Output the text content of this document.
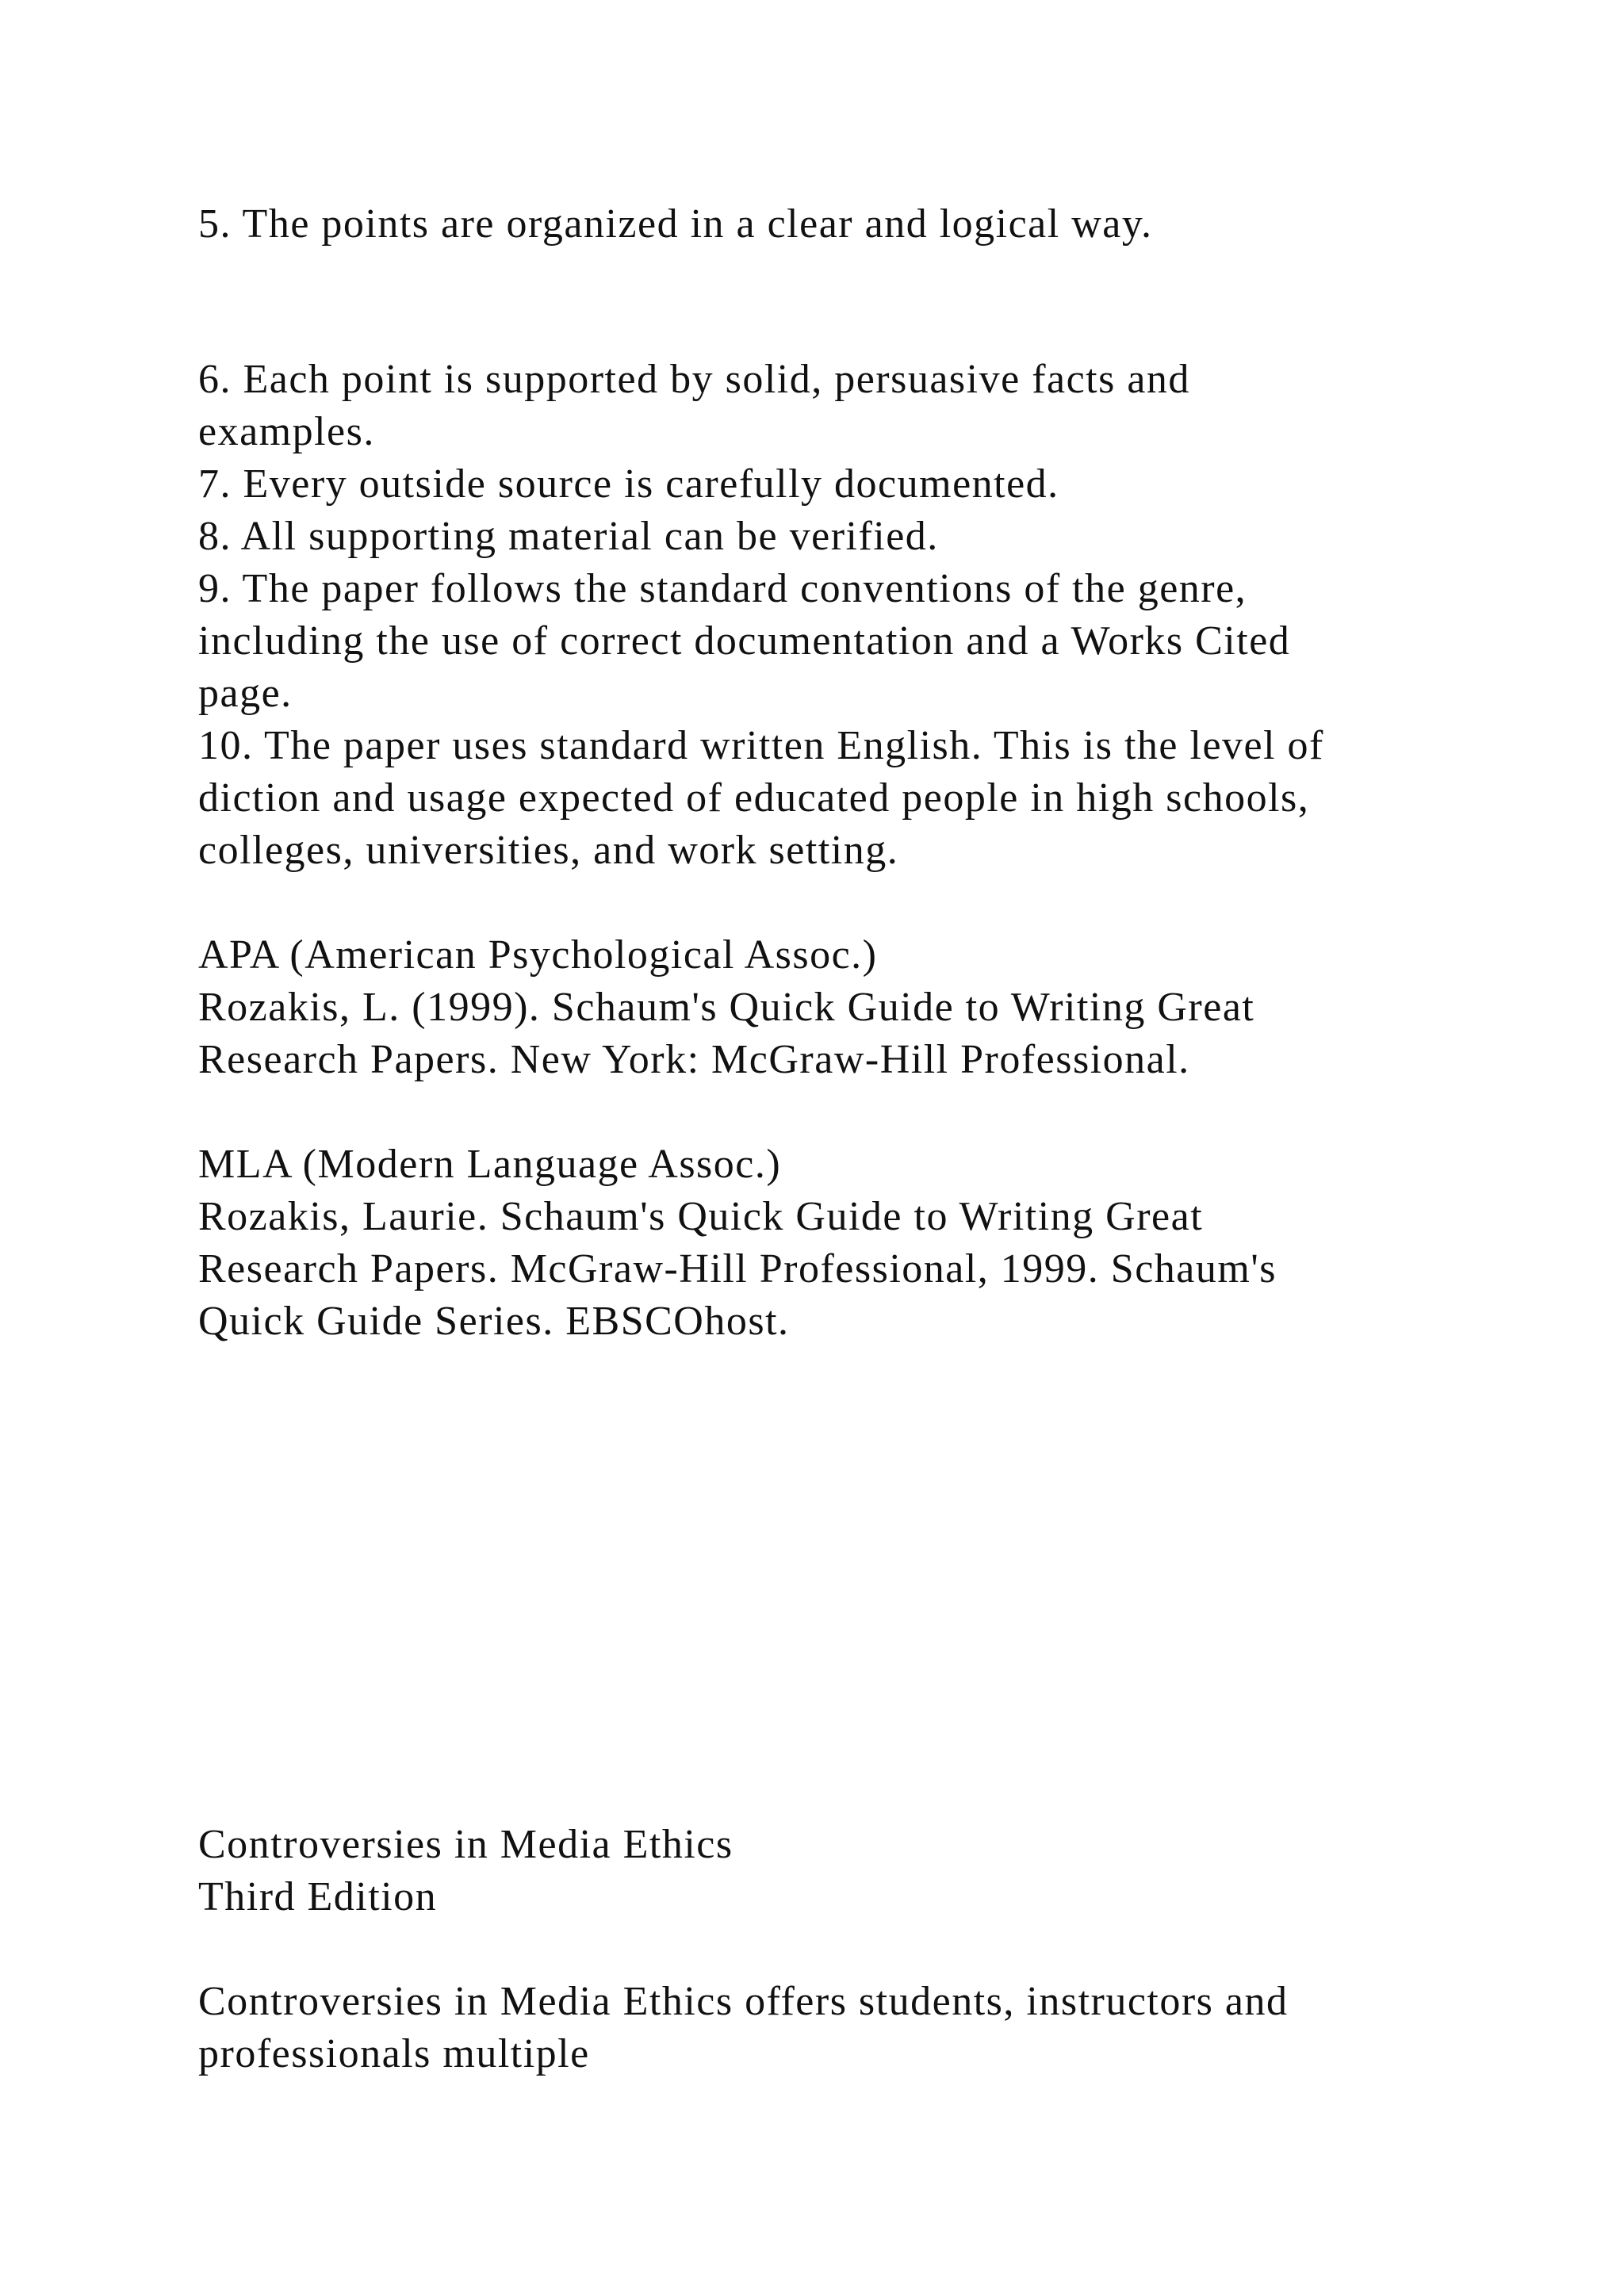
5. The points are organized in a clear and logical way.

6. Each point is supported by solid, persuasive facts and

examples.

7. Every outside source is carefully documented.

8. All supporting material can be verified.

9. The paper follows the standard conventions of the genre,

including the use of correct documentation and a Works Cited

page.

10. The paper uses standard written English. This is the level of

diction and usage expected of educated people in high schools,

colleges, universities, and work setting.

APA (American Psychological Assoc.)

Rozakis, L. (1999). Schaum's Quick Guide to Writing Great

Research Papers. New York: McGraw-Hill Professional.

MLA (Modern Language Assoc.)

Rozakis, Laurie. Schaum's Quick Guide to Writing Great

Research Papers. McGraw-Hill Professional, 1999. Schaum's

Quick Guide Series. EBSCOhost.

Controversies in Media Ethics

Third Edition

Controversies in Media Ethics offers students, instructors and

professionals multiple
